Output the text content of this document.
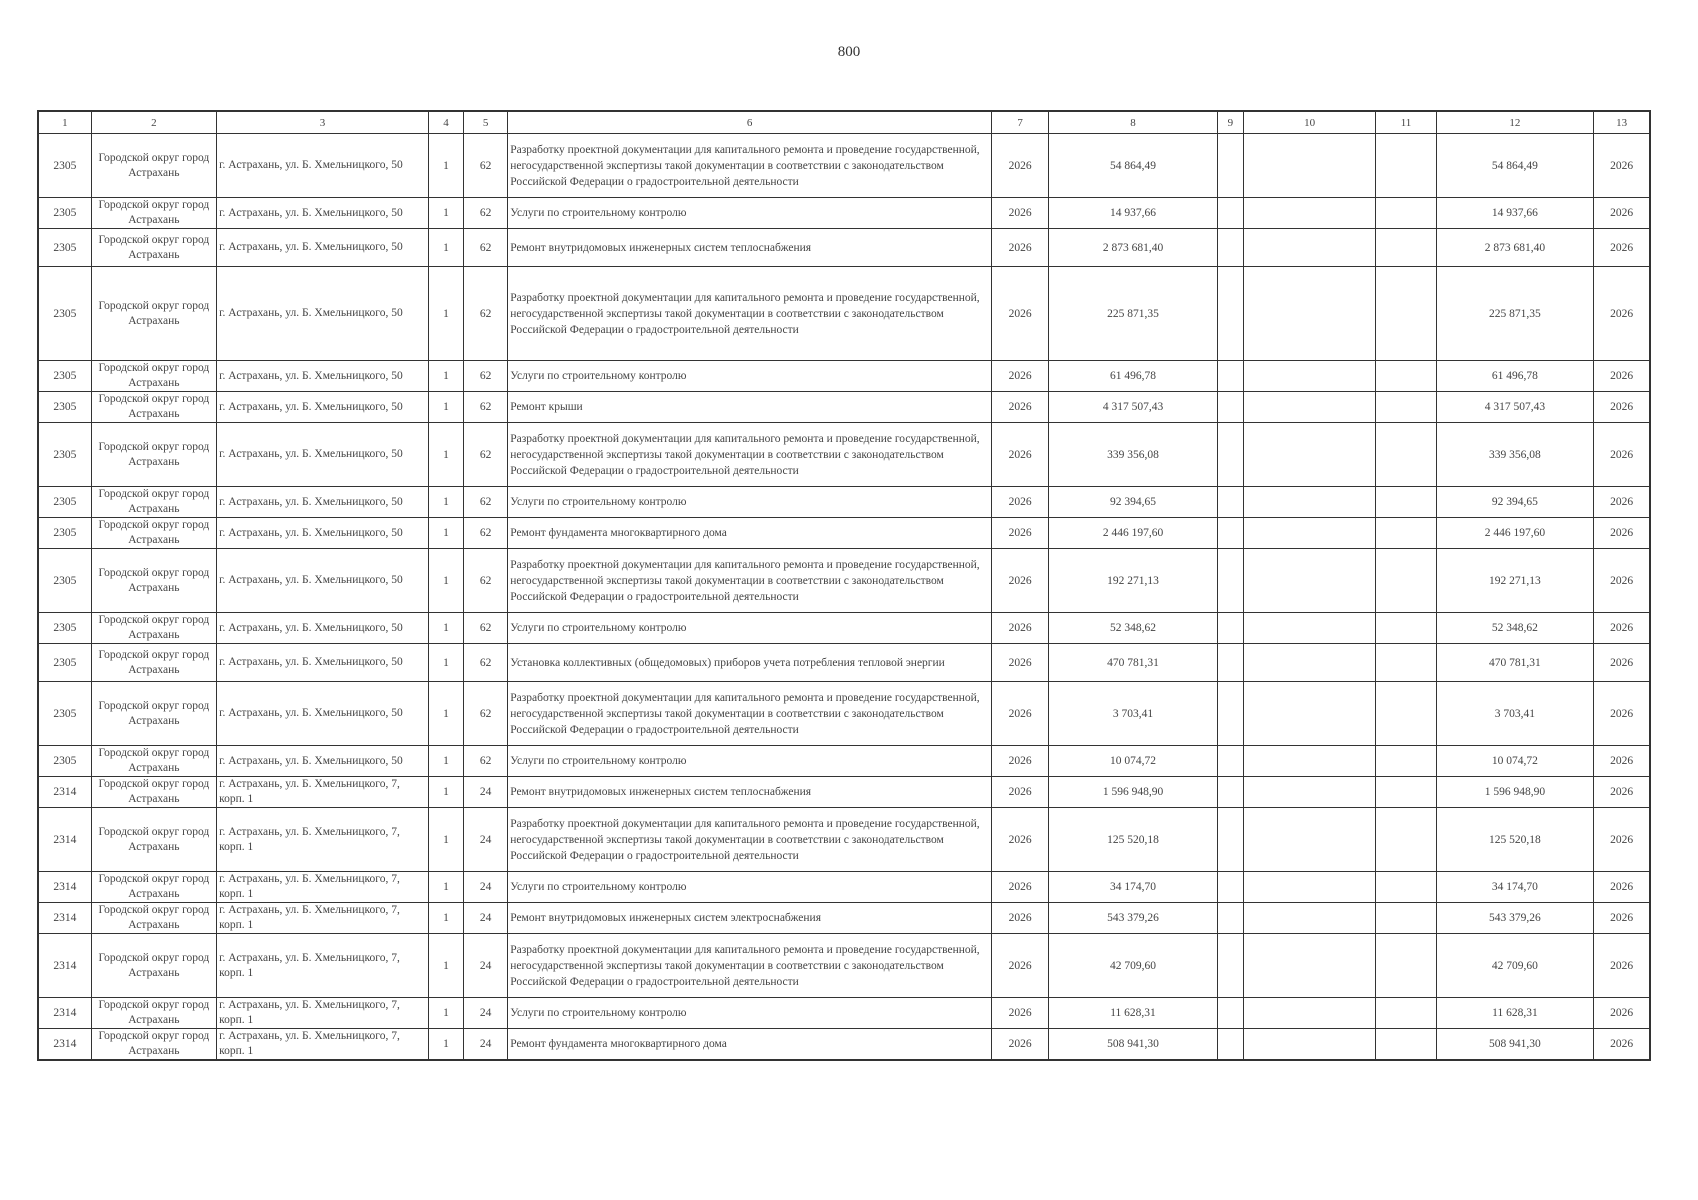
800
1	2	3	4	5	6	7	8	9	10	11	12	13
2305	Городской округ город Астрахань	г. Астрахань, ул. Б. Хмельницкого, 50	1	62	Разработку проектной документации для капитального ремонта и проведение государственной, негосударственной экспертизы такой документации в соответствии с законодательством Российской Федерации о градостроительной деятельности	2026	54 864,49				54 864,49	2026
2305	Городской округ город Астрахань	г. Астрахань, ул. Б. Хмельницкого, 50	1	62	Услуги по строительному контролю	2026	14 937,66				14 937,66	2026
2305	Городской округ город Астрахань	г. Астрахань, ул. Б. Хмельницкого, 50	1	62	Ремонт внутридомовых инженерных систем теплоснабжения	2026	2 873 681,40				2 873 681,40	2026
2305	Городской округ город Астрахань	г. Астрахань, ул. Б. Хмельницкого, 50	1	62	Разработку проектной документации для капитального ремонта и проведение государственной, негосударственной экспертизы такой документации в соответствии с законодательством Российской Федерации о градостроительной деятельности	2026	225 871,35				225 871,35	2026
2305	Городской округ город Астрахань	г. Астрахань, ул. Б. Хмельницкого, 50	1	62	Услуги по строительному контролю	2026	61 496,78				61 496,78	2026
2305	Городской округ город Астрахань	г. Астрахань, ул. Б. Хмельницкого, 50	1	62	Ремонт крыши	2026	4 317 507,43				4 317 507,43	2026
2305	Городской округ город Астрахань	г. Астрахань, ул. Б. Хмельницкого, 50	1	62	Разработку проектной документации для капитального ремонта и проведение государственной, негосударственной экспертизы такой документации в соответствии с законодательством Российской Федерации о градостроительной деятельности	2026	339 356,08				339 356,08	2026
2305	Городской округ город Астрахань	г. Астрахань, ул. Б. Хмельницкого, 50	1	62	Услуги по строительному контролю	2026	92 394,65				92 394,65	2026
2305	Городской округ город Астрахань	г. Астрахань, ул. Б. Хмельницкого, 50	1	62	Ремонт фундамента многоквартирного дома	2026	2 446 197,60				2 446 197,60	2026
2305	Городской округ город Астрахань	г. Астрахань, ул. Б. Хмельницкого, 50	1	62	Разработку проектной документации для капитального ремонта и проведение государственной, негосударственной экспертизы такой документации в соответствии с законодательством Российской Федерации о градостроительной деятельности	2026	192 271,13				192 271,13	2026
2305	Городской округ город Астрахань	г. Астрахань, ул. Б. Хмельницкого, 50	1	62	Услуги по строительному контролю	2026	52 348,62				52 348,62	2026
2305	Городской округ город Астрахань	г. Астрахань, ул. Б. Хмельницкого, 50	1	62	Установка коллективных (общедомовых) приборов учета потребления тепловой энергии	2026	470 781,31				470 781,31	2026
2305	Городской округ город Астрахань	г. Астрахань, ул. Б. Хмельницкого, 50	1	62	Разработку проектной документации для капитального ремонта и проведение государственной, негосударственной экспертизы такой документации в соответствии с законодательством Российской Федерации о градостроительной деятельности	2026	3 703,41				3 703,41	2026
2305	Городской округ город Астрахань	г. Астрахань, ул. Б. Хмельницкого, 50	1	62	Услуги по строительному контролю	2026	10 074,72				10 074,72	2026
2314	Городской округ город Астрахань	г. Астрахань, ул. Б. Хмельницкого, 7, корп. 1	1	24	Ремонт внутридомовых инженерных систем теплоснабжения	2026	1 596 948,90				1 596 948,90	2026
2314	Городской округ город Астрахань	г. Астрахань, ул. Б. Хмельницкого, 7, корп. 1	1	24	Разработку проектной документации для капитального ремонта и проведение государственной, негосударственной экспертизы такой документации в соответствии с законодательством Российской Федерации о градостроительной деятельности	2026	125 520,18				125 520,18	2026
2314	Городской округ город Астрахань	г. Астрахань, ул. Б. Хмельницкого, 7, корп. 1	1	24	Услуги по строительному контролю	2026	34 174,70				34 174,70	2026
2314	Городской округ город Астрахань	г. Астрахань, ул. Б. Хмельницкого, 7, корп. 1	1	24	Ремонт внутридомовых инженерных систем электроснабжения	2026	543 379,26				543 379,26	2026
2314	Городской округ город Астрахань	г. Астрахань, ул. Б. Хмельницкого, 7, корп. 1	1	24	Разработку проектной документации для капитального ремонта и проведение государственной, негосударственной экспертизы такой документации в соответствии с законодательством Российской Федерации о градостроительной деятельности	2026	42 709,60				42 709,60	2026
2314	Городской округ город Астрахань	г. Астрахань, ул. Б. Хмельницкого, 7, корп. 1	1	24	Услуги по строительному контролю	2026	11 628,31				11 628,31	2026
2314	Городской округ город Астрахань	г. Астрахань, ул. Б. Хмельницкого, 7, корп. 1	1	24	Ремонт фундамента многоквартирного дома	2026	508 941,30				508 941,30	2026
